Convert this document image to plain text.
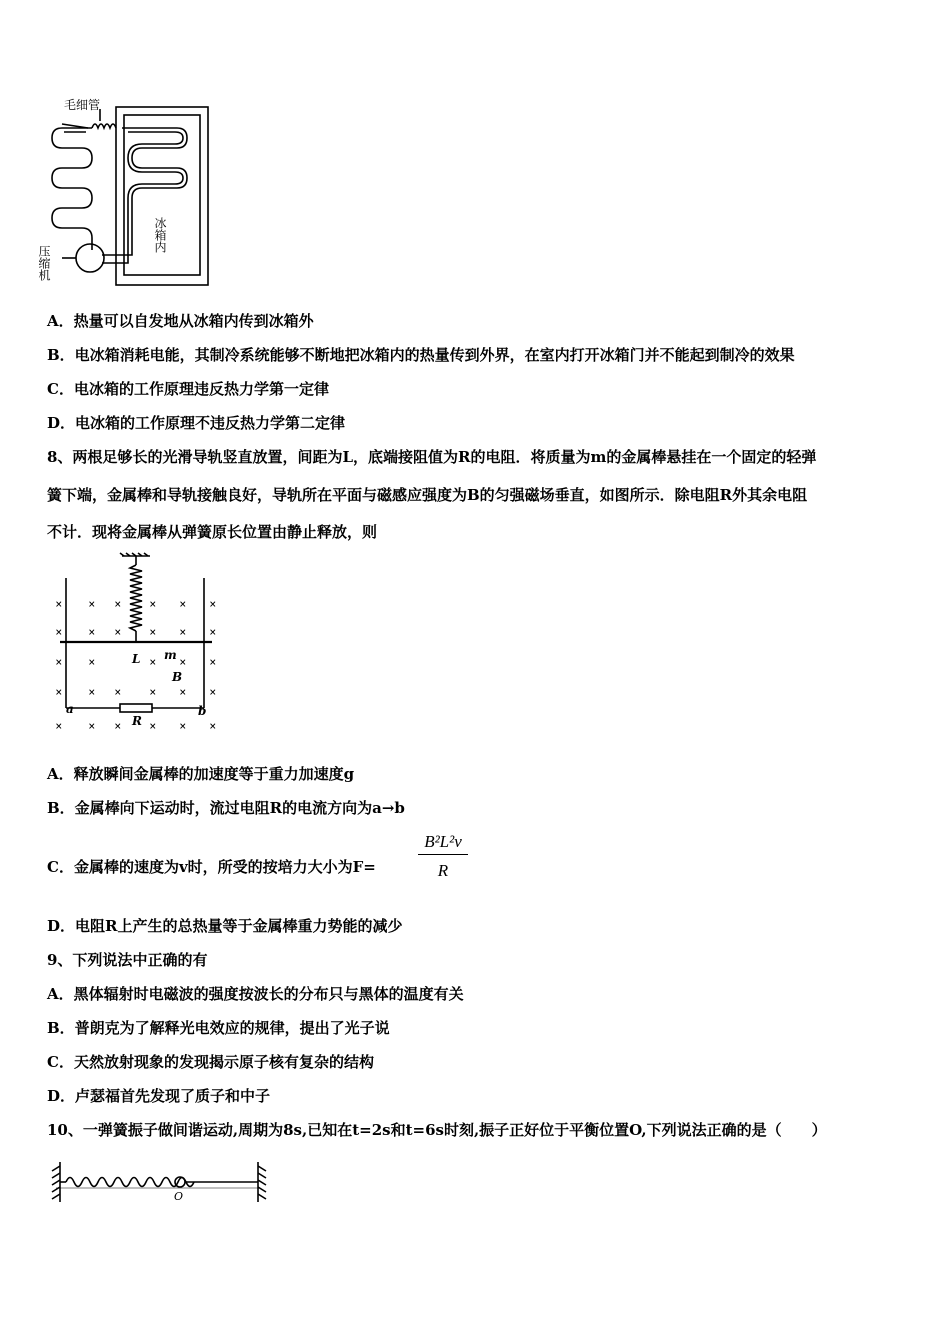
毛细管
冰箱内
压缩机
A．热量可以自发地从冰箱内传到冰箱外
B．电冰箱消耗电能，其制冷系统能够不断地把冰箱内的热量传到外界，在室内打开冰箱门并不能起到制冷的效果
C．电冰箱的工作原理违反热力学第一定律
D．电冰箱的工作原理不违反热力学第二定律
8、两根足够长的光滑导轨竖直放置，间距为L，底端接阻值为R的电阻．将质量为m的金属棒悬挂在一个固定的轻弹
簧下端，金属棒和导轨接触良好，导轨所在平面与磁感应强度为B的匀强磁场垂直，如图所示．除电阻R外其余电阻
不计．现将金属棒从弹簧原长位置由静止释放，则
×	× ×	× × ×
×	× ×	× × ×
×	×	× × ×
×	× ×	× × ×
×	× ×	× × ×
L m
B
a	b
R
A．释放瞬间金属棒的加速度等于重力加速度g
B．金属棒向下运动时，流过电阻R的电流方向为a→b
C．金属棒的速度为v时，所受的按培力大小为$F= \frac{\text{B²L²v}}{R}$
D．电阻R上产生的总热量等于金属棒重力势能的减少
9、下列说法中正确的有
A．黑体辐射时电磁波的强度按波长的分布只与黑体的温度有关
B．普朗克为了解释光电效应的规律，提出了光子说
C．天然放射现象的发现揭示原子核有复杂的结构
D．卢瑟福首先发现了质子和中子
10、一弹簧振子做间谐运动,周期为8s,已知在t=2s和t=6s时刻,振子正好位于平衡位置O,下列说法正确的是（　　）
O
